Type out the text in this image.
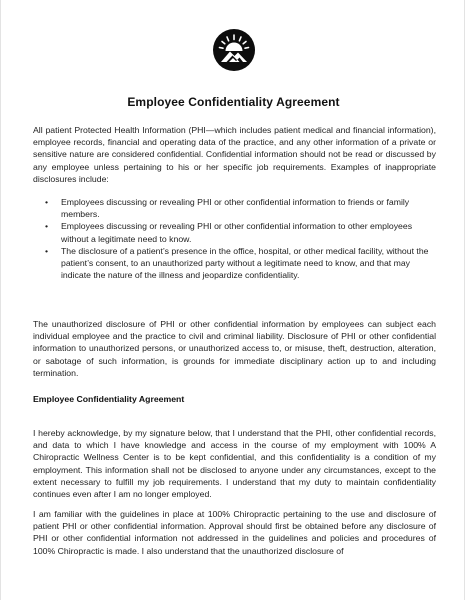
Employee Confidentiality Agreement

All patient Protected Health Information (PHI—which includes patient medical and financial information), employee records, financial and operating data of the practice, and any other information of a private or sensitive nature are considered confidential. Confidential information should not be read or discussed by any employee unless pertaining to his or her specific job requirements. Examples of inappropriate disclosures include:

• Employees discussing or revealing PHI or other confidential information to friends or family members.
• Employees discussing or revealing PHI or other confidential information to other employees without a legitimate need to know.
• The disclosure of a patient’s presence in the office, hospital, or other medical facility, without the patient’s consent, to an unauthorized party without a legitimate need to know, and that may indicate the nature of the illness and jeopardize confidentiality.

The unauthorized disclosure of PHI or other confidential information by employees can subject each individual employee and the practice to civil and criminal liability. Disclosure of PHI or other confidential information to unauthorized persons, or unauthorized access to, or misuse, theft, destruction, alteration, or sabotage of such information, is grounds for immediate disciplinary action up to and including termination.

Employee Confidentiality Agreement

I hereby acknowledge, by my signature below, that I understand that the PHI, other confidential records, and data to which I have knowledge and access in the course of my employment with 100% A Chiropractic Wellness Center is to be kept confidential, and this confidentiality is a condition of my employment. This information shall not be disclosed to anyone under any circumstances, except to the extent necessary to fulfill my job requirements. I understand that my duty to maintain confidentiality continues even after I am no longer employed.

I am familiar with the guidelines in place at 100% Chiropractic pertaining to the use and disclosure of patient PHI or other confidential information. Approval should first be obtained before any disclosure of PHI or other confidential information not addressed in the guidelines and policies and procedures of 100% Chiropractic is made. I also understand that the unauthorized disclosure of
